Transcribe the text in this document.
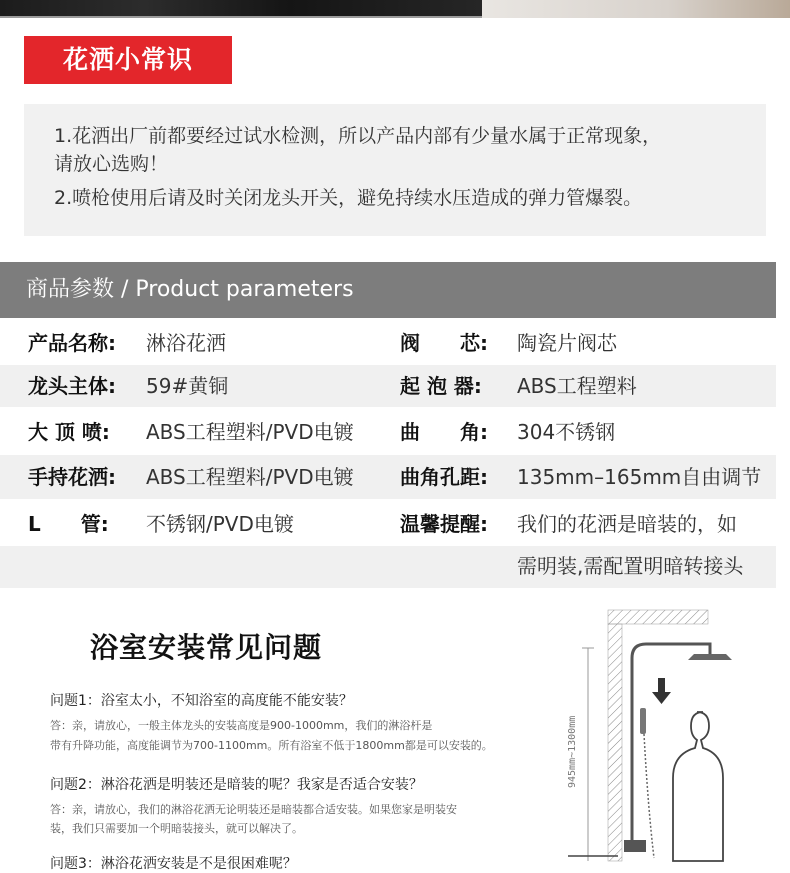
花洒小常识

1.花洒出厂前都要经过试水检测，所以产品内部有少量水属于正常现象，

请放心选购！

2.喷枪使用后请及时关闭龙头开关，避免持续水压造成的弹力管爆裂。

商品参数 / Product parameters
产品名称: 淋浴花洒	阀　　芯: 陶瓷片阀芯
龙头主体: 59#黄铜	起 泡 器: ABS工程塑料
大 顶 喷: ABS工程塑料/PVD电镀 曲　　角: 304不锈钢
手持花洒: ABS工程塑料/PVD电镀 曲角孔距: 135mm–165mm自由调节
L　　管: 不锈钢/PVD电镀	温馨提醒: 我们的花洒是暗装的，如
需明装,需配置明暗转接头
浴室安装常见问题
问题1：浴室太小，不知浴室的高度能不能安装？
答：亲，请放心，一般主体龙头的安装高度是900-1000mm，我们的淋浴杆是
带有升降功能，高度能调节为700-1100mm。所有浴室不低于1800mm都是可以安装的。
问题2：淋浴花洒是明装还是暗装的呢？我家是否适合安装？
答：亲，请放心，我们的淋浴花洒无论明装还是暗装都合适安装。如果您家是明装安
装，我们只需要加一个明暗装接头，就可以解决了。
问题3：淋浴花洒安装是不是很困难呢？
945mm~1300mm
